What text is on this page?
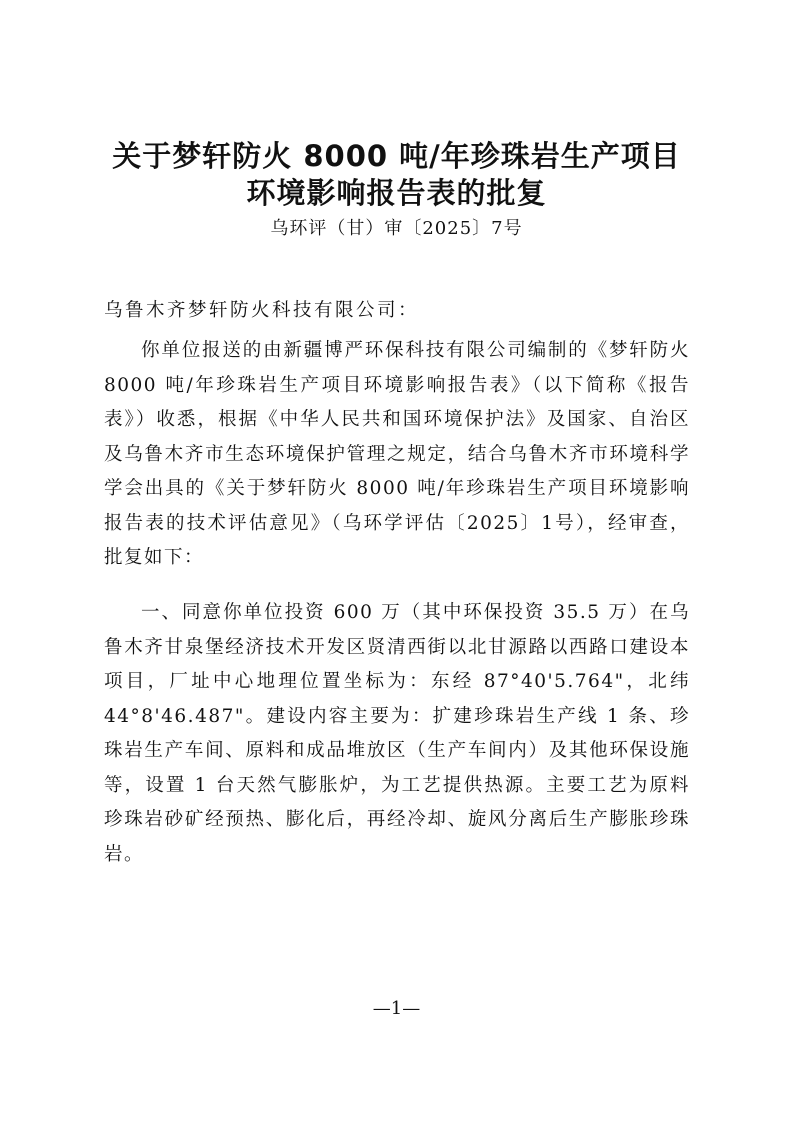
关于梦轩防火 8000 吨/年珍珠岩生产项目
环境影响报告表的批复

乌环评（甘）审〔2025〕7号

乌鲁木齐梦轩防火科技有限公司：

你单位报送的由新疆博严环保科技有限公司编制的《梦轩防火 8000 吨/年珍珠岩生产项目环境影响报告表》（以下简称《报告表》）收悉，根据《中华人民共和国环境保护法》及国家、自治区及乌鲁木齐市生态环境保护管理之规定，结合乌鲁木齐市环境科学学会出具的《关于梦轩防火 8000 吨/年珍珠岩生产项目环境影响报告表的技术评估意见》（乌环学评估〔2025〕1号），经审查，批复如下：

一、同意你单位投资 600 万（其中环保投资 35.5 万）在乌鲁木齐甘泉堡经济技术开发区贤清西街以北甘源路以西路口建设本项目，厂址中心地理位置坐标为：东经 87°40'5.764"，北纬 44°8'46.487"。建设内容主要为：扩建珍珠岩生产线 1 条、珍珠岩生产车间、原料和成品堆放区（生产车间内）及其他环保设施等，设置 1 台天然气膨胀炉，为工艺提供热源。主要工艺为原料珍珠岩砂矿经预热、膨化后，再经冷却、旋风分离后生产膨胀珍珠岩。

—1—
